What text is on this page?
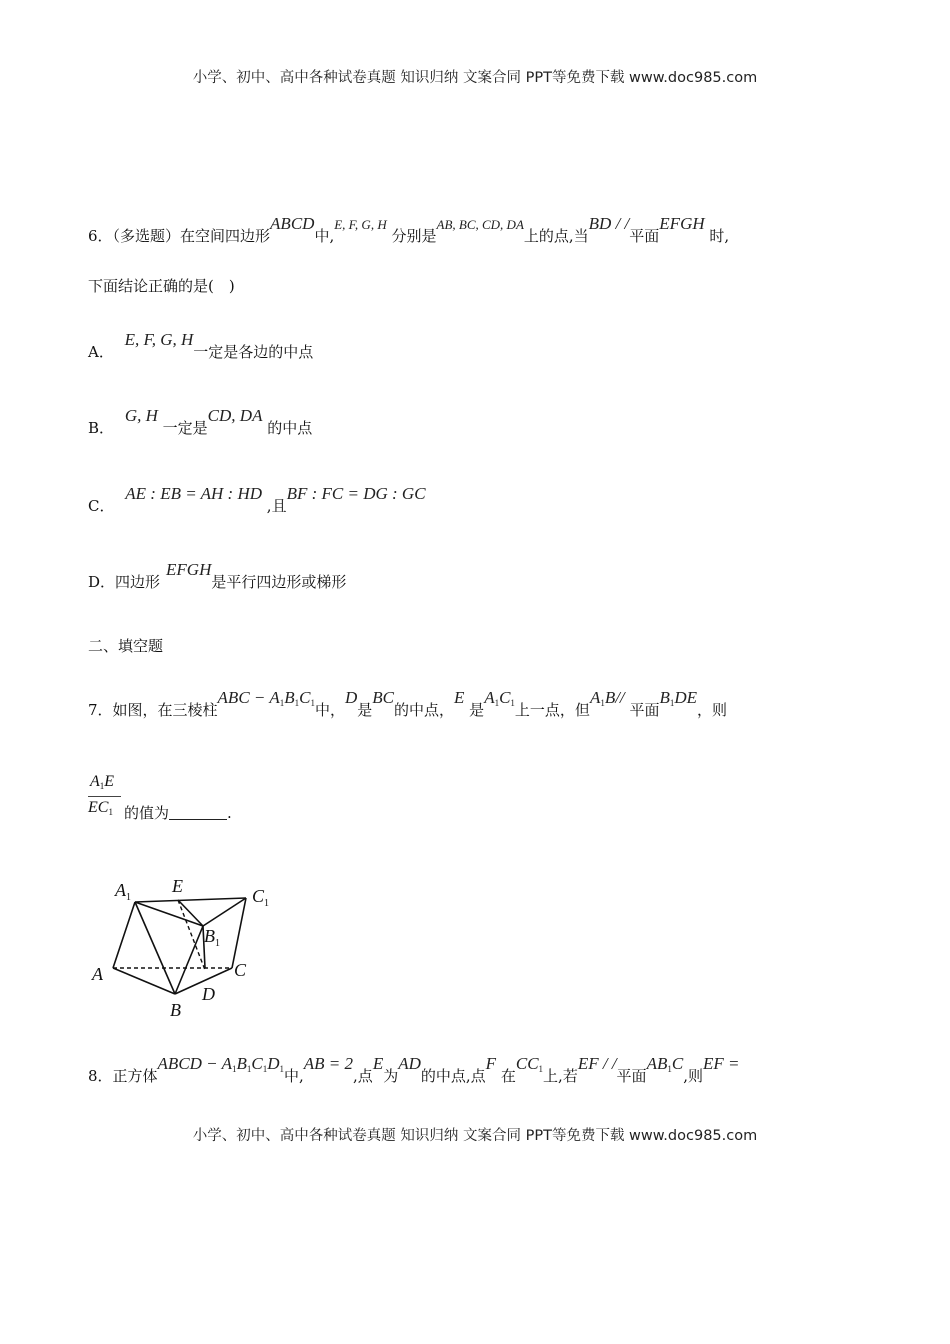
小学、初中、高中各种试卷真题 知识归纳 文案合同 PPT等免费下载 www.doc985.com
6．（多选题）在空间四边形ABCD中,E, F, G, H 分别是AB, BC, CD, DA上的点,当BD / /平面EFGH 时,
下面结论正确的是(　)
A． E, F, G, H一定是各边的中点
B． G, H 一定是CD, DA 的中点
C． AE : EB = AH : HD ,且BF : FC = DG : GC
D．四边形EFGH是平行四边形或梯形
二、填空题
7．如图，在三棱柱ABC − $A_1B_1C_1$中，D是BC的中点，E 是$A_1C_1$上一点，但$A_1B//$ 平面$B_1DE$，则
$A_1E$
$EC_1$ 的值为	.
$A_1$
E	$C_1$
$B_1$
A	C
D
B
8．正方体ABCD − $A_1B_1C_1D_1$中,AB = 2,点E为AD的中点,点F 在$CC_1$上,若EF / /平面$AB_1C$,则EF =
小学、初中、高中各种试卷真题 知识归纳 文案合同 PPT等免费下载 www.doc985.com
